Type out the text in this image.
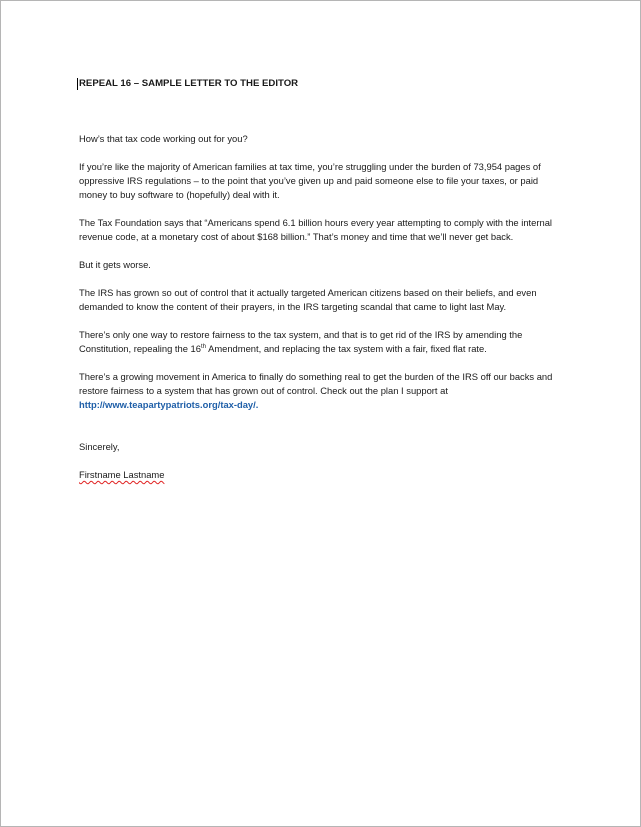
REPEAL 16 – SAMPLE LETTER TO THE EDITOR

How’s that tax code working out for you?

If you’re like the majority of American families at tax time, you’re struggling under the burden of 73,954 pages of oppressive IRS regulations – to the point that you’ve given up and paid someone else to file your taxes, or paid money to buy software to (hopefully) deal with it.

The Tax Foundation says that “Americans spend 6.1 billion hours every year attempting to comply with the internal revenue code, at a monetary cost of about $168 billion.” That’s money and time that we’ll never get back.

But it gets worse.

The IRS has grown so out of control that it actually targeted American citizens based on their beliefs, and even demanded to know the content of their prayers, in the IRS targeting scandal that came to light last May.

There’s only one way to restore fairness to the tax system, and that is to get rid of the IRS by amending the Constitution, repealing the 16th Amendment, and replacing the tax system with a fair, fixed flat rate.

There’s a growing movement in America to finally do something real to get the burden of the IRS off our backs and restore fairness to a system that has grown out of control. Check out the plan I support at http://www.teapartypatriots.org/tax-day/.

Sincerely,

Firstname Lastname
